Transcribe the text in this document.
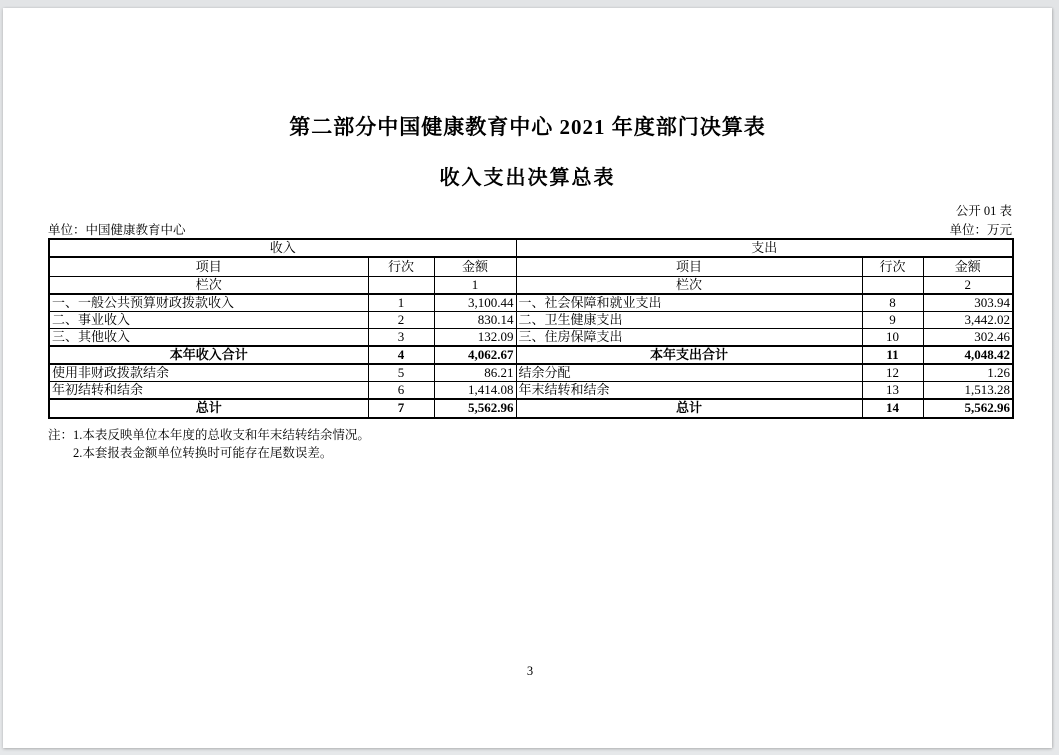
第二部分中国健康教育中心 2021 年度部门决算表
收入支出决算总表
公开 01 表
单位：中国健康教育中心	单位：万元
收入			支出		
项目	行次	金额	项目	行次	金额
栏次		1	栏次		2
一、一般公共预算财政拨款收入	1	3,100.44	一、社会保障和就业支出	8	303.94
二、事业收入	2	830.14	二、卫生健康支出	9	3,442.02
三、其他收入	3	132.09	三、住房保障支出	10	302.46
本年收入合计	4	4,062.67	本年支出合计	11	4,048.42
使用非财政拨款结余	5	86.21	结余分配	12	1.26
年初结转和结余	6	1,414.08	年末结转和结余	13	1,513.28
总计	7	5,562.96	总计	14	5,562.96
注：1.本表反映单位本年度的总收支和年末结转结余情况。
2.本套报表金额单位转换时可能存在尾数误差。
3
